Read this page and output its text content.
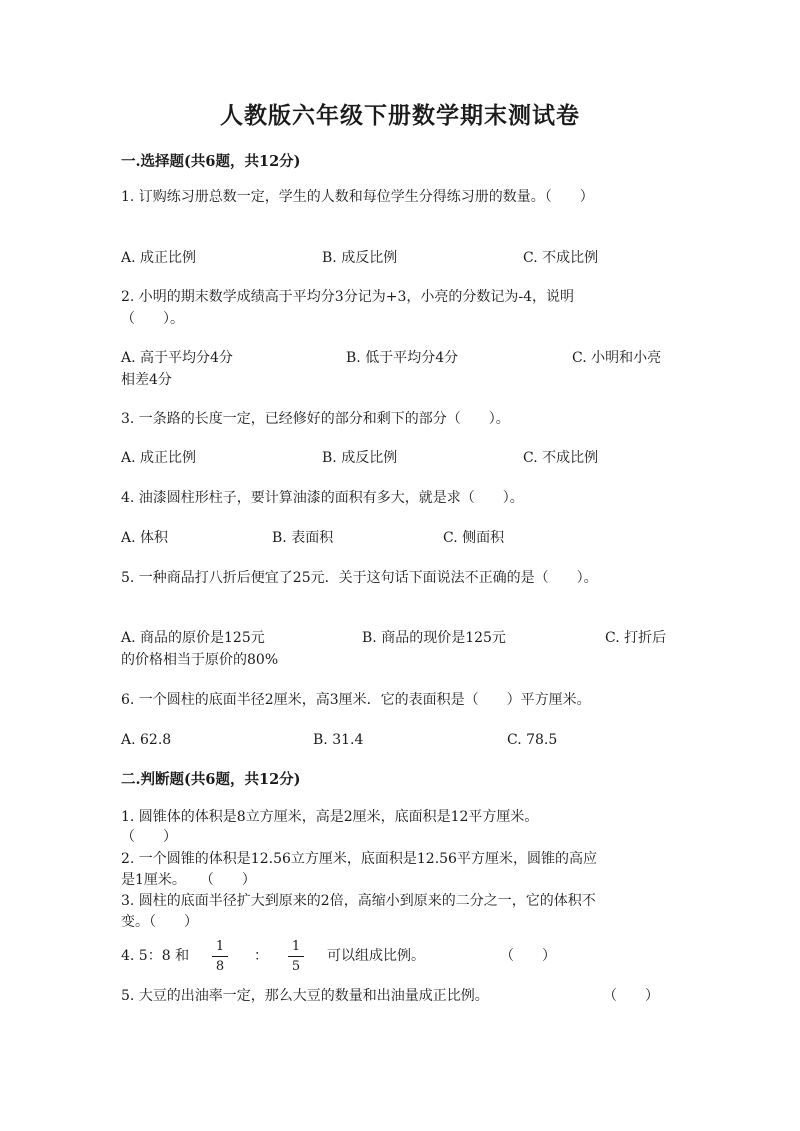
人教版六年级下册数学期末测试卷
一.选择题(共6题，共12分)
1. 订购练习册总数一定，学生的人数和每位学生分得练习册的数量。（　　）
A. 成正比例	B. 成反比例	C. 不成比例
2. 小明的期末数学成绩高于平均分3分记为+3，小亮的分数记为-4，说明
（　　）。
A. 高于平均分4分	B. 低于平均分4分	C. 小明和小亮
相差4分
3. 一条路的长度一定，已经修好的部分和剩下的部分（　　）。
A. 成正比例	B. 成反比例	C. 不成比例
4. 油漆圆柱形柱子，要计算油漆的面积有多大，就是求（　　）。
A. 体积	B. 表面积	C. 侧面积
5. 一种商品打八折后便宜了25元．关于这句话下面说法不正确的是（　　）。
A. 商品的原价是125元	B. 商品的现价是125元	C. 打折后
的价格相当于原价的80%
6. 一个圆柱的底面半径2厘米，高3厘米．它的表面积是（　　）平方厘米。
A. 62.8	B. 31.4	C. 78.5
二.判断题(共6题，共12分)
1. 圆锥体的体积是8立方厘米，高是2厘米，底面积是12平方厘米。
（　　）
2. 一个圆锥的体积是12.56立方厘米，底面积是12.56平方厘米，圆锥的高应
是1厘米。　　（　　）
3. 圆柱的底面半径扩大到原来的2倍，高缩小到原来的二分之一，它的体积不
变。（　　）
4. 5：8 和
1
8
：
1
5
可以组成比例。	（　　）
5. 大豆的出油率一定，那么大豆的数量和出油量成正比例。	（　　）
